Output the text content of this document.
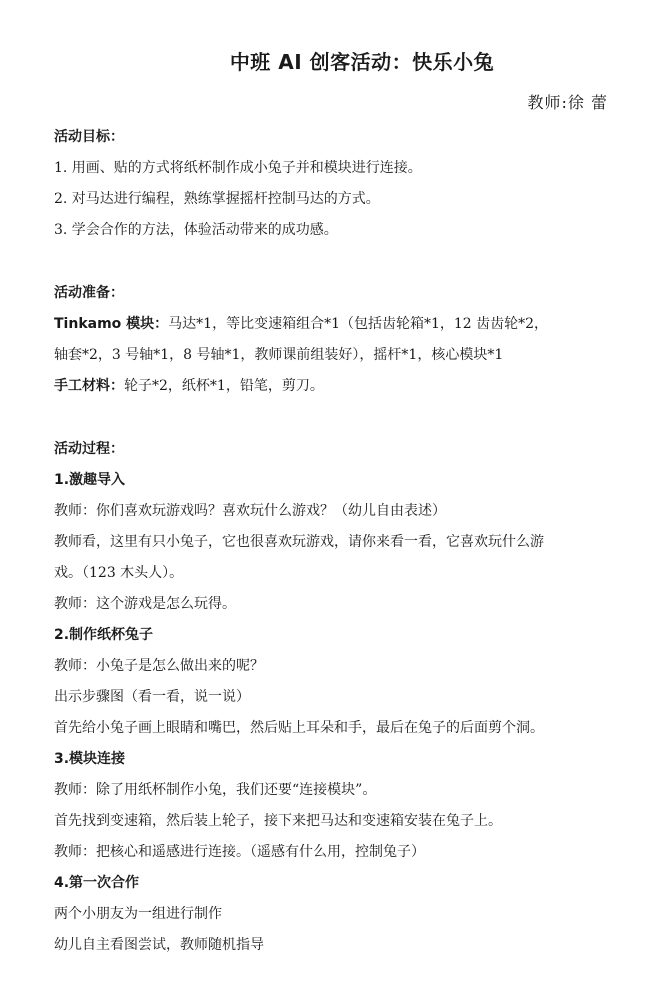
中班 AI 创客活动：快乐小兔
教师:徐 蕾
活动目标：
1. 用画、贴的方式将纸杯制作成小兔子并和模块进行连接。
2. 对马达进行编程，熟练掌握摇杆控制马达的方式。
3. 学会合作的方法，体验活动带来的成功感。
活动准备：
Tinkamo 模块：马达*1，等比变速箱组合*1（包括齿轮箱*1，12 齿齿轮*2，
轴套*2，3 号轴*1，8 号轴*1，教师课前组装好），摇杆*1，核心模块*1
手工材料：轮子*2，纸杯*1，铅笔，剪刀。
活动过程：
1.激趣导入
教师：你们喜欢玩游戏吗？喜欢玩什么游戏？（幼儿自由表述）
教师看，这里有只小兔子，它也很喜欢玩游戏，请你来看一看，它喜欢玩什么游
戏。（123 木头人）。
教师：这个游戏是怎么玩得。
2.制作纸杯兔子
教师：小兔子是怎么做出来的呢？
出示步骤图（看一看，说一说）
首先给小兔子画上眼睛和嘴巴，然后贴上耳朵和手，最后在兔子的后面剪个洞。
3.模块连接
教师：除了用纸杯制作小兔，我们还要“连接模块”。
首先找到变速箱，然后装上轮子，接下来把马达和变速箱安装在兔子上。
教师：把核心和遥感进行连接。（遥感有什么用，控制兔子）
4.第一次合作
两个小朋友为一组进行制作
幼儿自主看图尝试，教师随机指导
